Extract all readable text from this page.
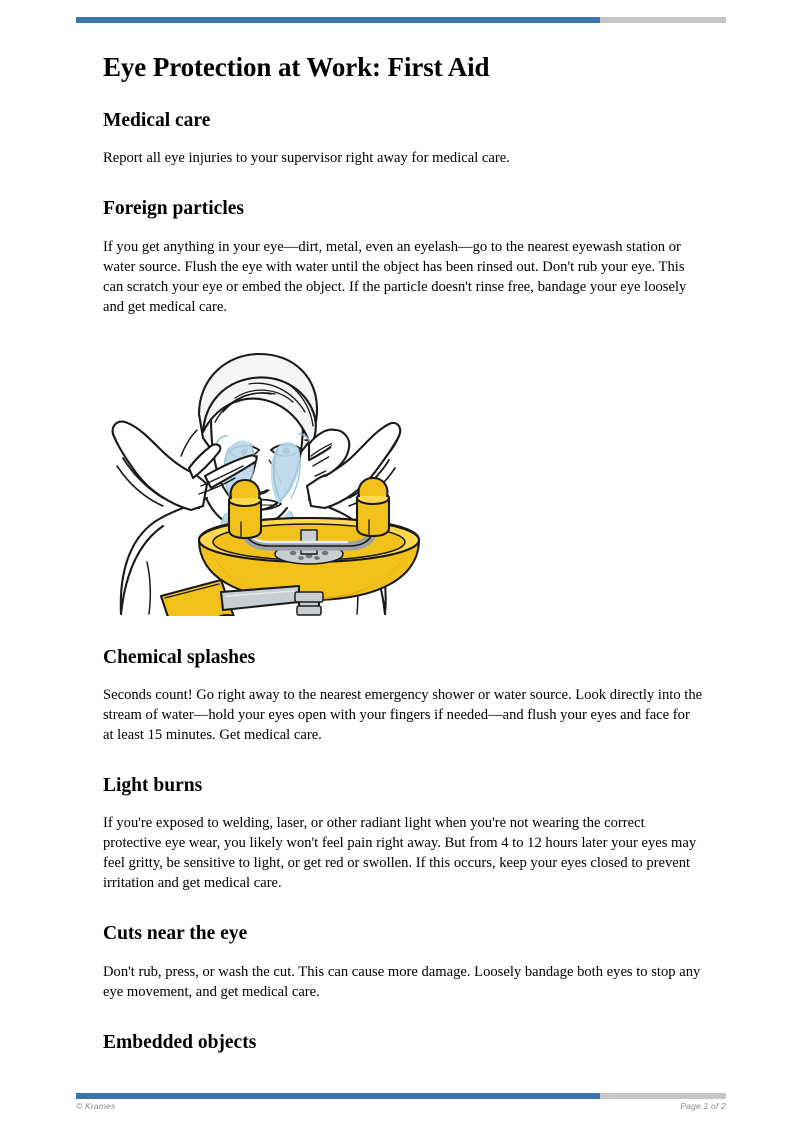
Eye Protection at Work: First Aid
Medical care

Report all eye injuries to your supervisor right away for medical care.

Foreign particles

If you get anything in your eye—dirt, metal, even an eyelash—go to the nearest eyewash station or water source. Flush the eye with water until the object has been rinsed out. Don't rub your eye. This can scratch your eye or embed the object. If the particle doesn't rinse free, bandage your eye loosely and get medical care.

Chemical splashes

Seconds count! Go right away to the nearest emergency shower or water source. Look directly into the stream of water—hold your eyes open with your fingers if needed—and flush your eyes and face for at least 15 minutes. Get medical care.

Light burns

If you're exposed to welding, laser, or other radiant light when you're not wearing the correct protective eye wear, you likely won't feel pain right away. But from 4 to 12 hours later your eyes may feel gritty, be sensitive to light, or get red or swollen. If this occurs, keep your eyes closed to prevent irritation and get medical care.

Cuts near the eye

Don't rub, press, or wash the cut. This can cause more damage. Loosely bandage both eyes to stop any eye movement, and get medical care.

Embedded objects
© Krames	Page 1 of 2
